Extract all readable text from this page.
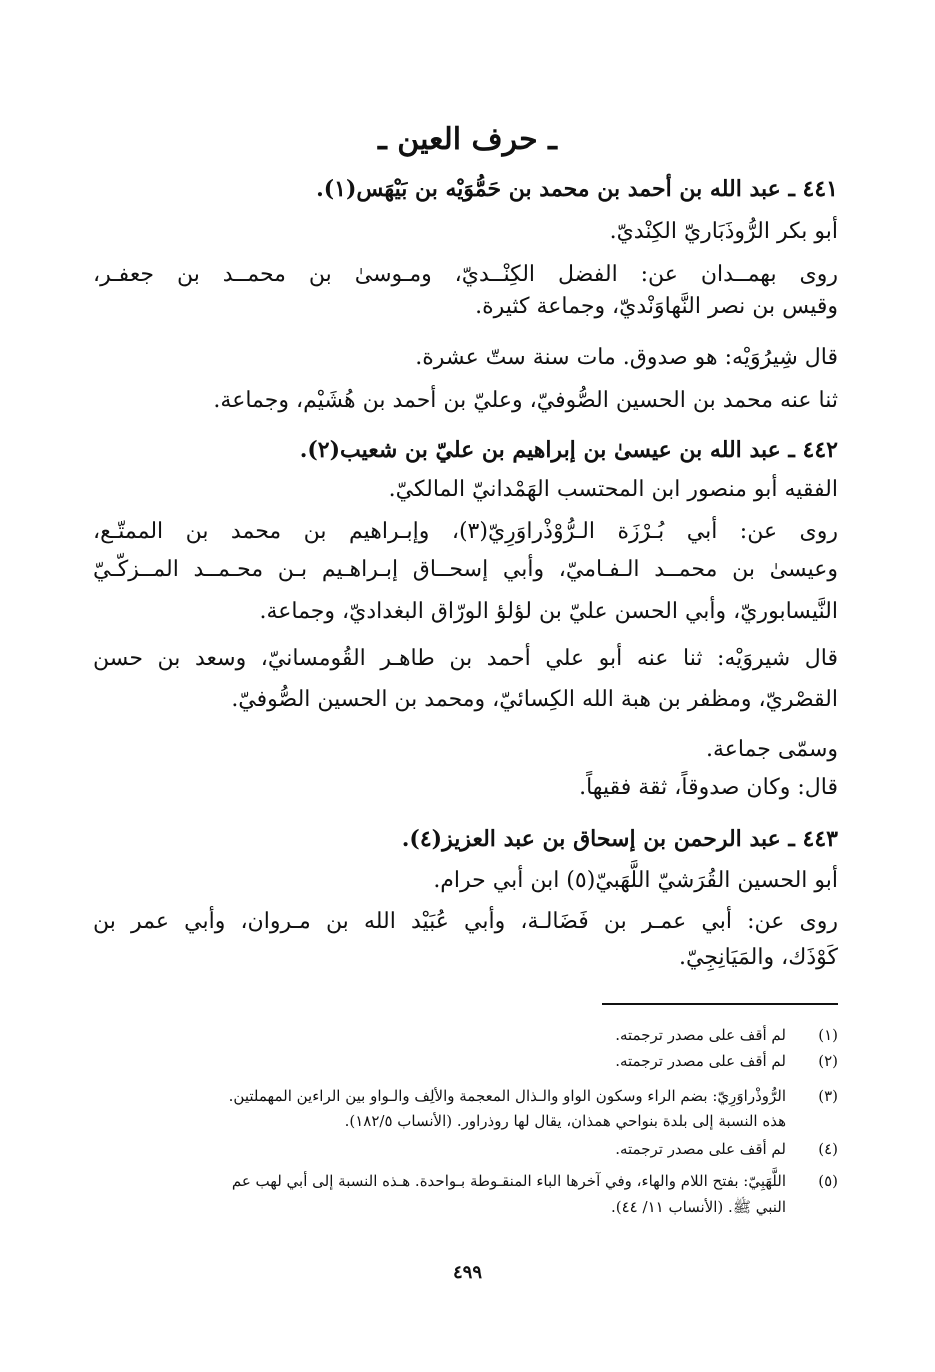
ـ حرف العين ـ
٤٤١ ـ عبد الله بن أحمد بن محمد بن حَمُّوَيْه بن بَيْهَس(١).
أبو بكر الرُّوذَبَاريّ الكِنْديّ.
روى بهمــدان عن: الفضل الكِنْــديّ، ومـوسىٰ بن محمــد بن جعفـر،
وقيس بن نصر النَّهاوَنْديّ، وجماعة كثيرة.
قال شِيرُوَيْه: هو صدوق. مات سنة ستّ عشرة.
ثنا عنه محمد بن الحسين الصُّوفيّ، وعليّ بن أحمد بن هُشَيْم، وجماعة.
٤٤٢ ـ عبد الله بن عيسىٰ بن إبراهيم بن عليّ بن شعيب(٢).
الفقيه أبو منصور ابن المحتسب الهَمْدانيّ المالكيّ.
روى عن: أبي بُـرْزَة الـرُّوْذْراوَرِيّ(٣)، وإبـراهيم بن محمد بن الممتّـع،
وعيسىٰ بن محمــد الـفـاميّ، وأبي إسحــاق إبـراهـيم بـن محـمــد المــزكّـيّ
النَّيسابوريّ، وأبي الحسن عليّ بن لؤلؤ الورّاق البغداديّ، وجماعة.
قال شيروَيْه: ثنا عنه أبو علي أحمد بن طاهـر القُومسانيّ، وسعد بن حسن
القصْريّ، ومظفر بن هبة الله الكِسائيّ، ومحمد بن الحسين الصُّوفيّ.
وسمّى جماعة.
قال: وكان صدوقاً، ثقة فقيهاً.
٤٤٣ ـ عبد الرحمن بن إسحاق بن عبد العزيز(٤).
أبو الحسين القُرَشيّ اللَّهَبيّ(٥) ابن أبي حرام.
روى عن: أبي عمـر بن فَضَالـة، وأبي عُبَيْد الله بن مـروان، وأبي عمر بن
كَوْذَك، والمَيَانِجِيّ.
(١)لم أقف على مصدر ترجمته.
(٢)لم أقف على مصدر ترجمته.
(٣)الرُّوذْراوَرِيّ: بضم الراء وسكون الواو والـذال المعجمة والألِف والـواو بين الراءين المهملتين.
هذه النسبة إلى بلدة بنواحي همذان، يقال لها روذراور. (الأنساب ١٨٢/٥).
(٤)لم أقف على مصدر ترجمته.
(٥)اللَّهَبِيّ: بفتح اللام والهاء، وفي آخرها الباء المنقـوطة بـواحدة. هـذه النسبة إلى أبي لهب عم
النبي ﷺ. (الأنساب ١١/ ٤٤).
٤٩٩
